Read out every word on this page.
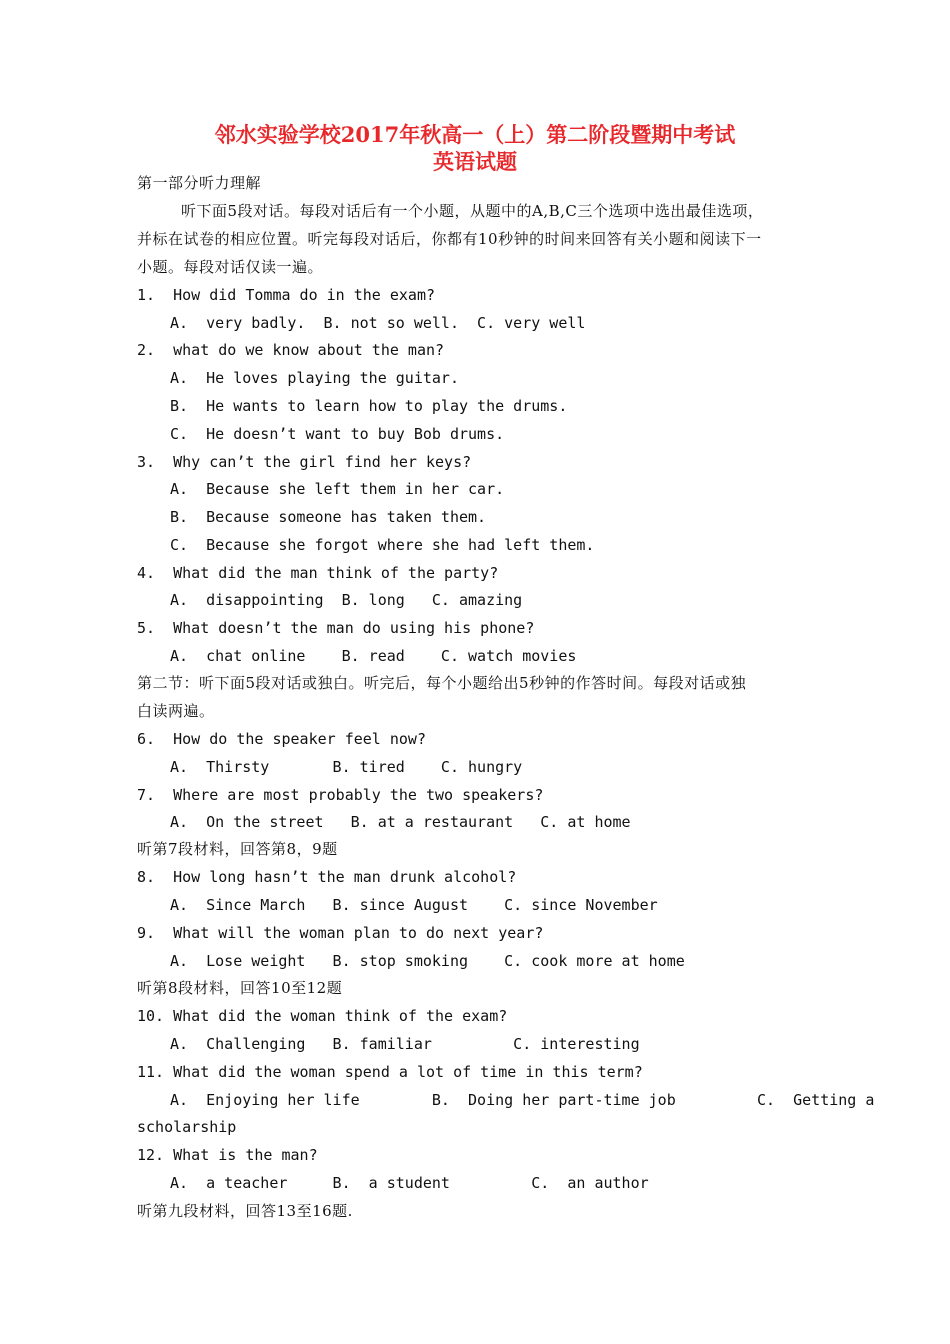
邻水实验学校2017年秋高一（上）第二阶段暨期中考试
英语试题
第一部分听力理解
听下面5段对话。每段对话后有一个小题，从题中的A,B,C三个选项中选出最佳选项，
并标在试卷的相应位置。听完每段对话后，你都有10秒钟的时间来回答有关小题和阅读下一
小题。每段对话仅读一遍。
1.  How did Tomma do in the exam?
A.  very badly.  B. not so well.  C. very well
2.  what do we know about the man?
A.  He loves playing the guitar.
B.  He wants to learn how to play the drums.
C.  He doesn’t want to buy Bob drums.
3.  Why can’t the girl find her keys?
A.  Because she left them in her car.
B.  Because someone has taken them.
C.  Because she forgot where she had left them.
4.  What did the man think of the party?
A.  disappointing  B. long   C. amazing
5.  What doesn’t the man do using his phone?
A.  chat online    B. read    C. watch movies
第二节：听下面5段对话或独白。听完后，每个小题给出5秒钟的作答时间。每段对话或独
白读两遍。
6.  How do the speaker feel now?
A.  Thirsty       B. tired    C. hungry
7.  Where are most probably the two speakers?
A.  On the street   B. at a restaurant   C. at home
听第7段材料，回答第8，9题
8.  How long hasn’t the man drunk alcohol?
A.  Since March   B. since August    C. since November
9.  What will the woman plan to do next year?
A.  Lose weight   B. stop smoking    C. cook more at home
听第8段材料，回答10至12题
10. What did the woman think of the exam?
A.  Challenging   B. familiar         C. interesting
11. What did the woman spend a lot of time in this term?
A.  Enjoying her life        B.  Doing her part-time job         C.  Getting a
scholarship
12. What is the man?
A.  a teacher     B.  a student         C.  an author
听第九段材料，回答13至16题.
